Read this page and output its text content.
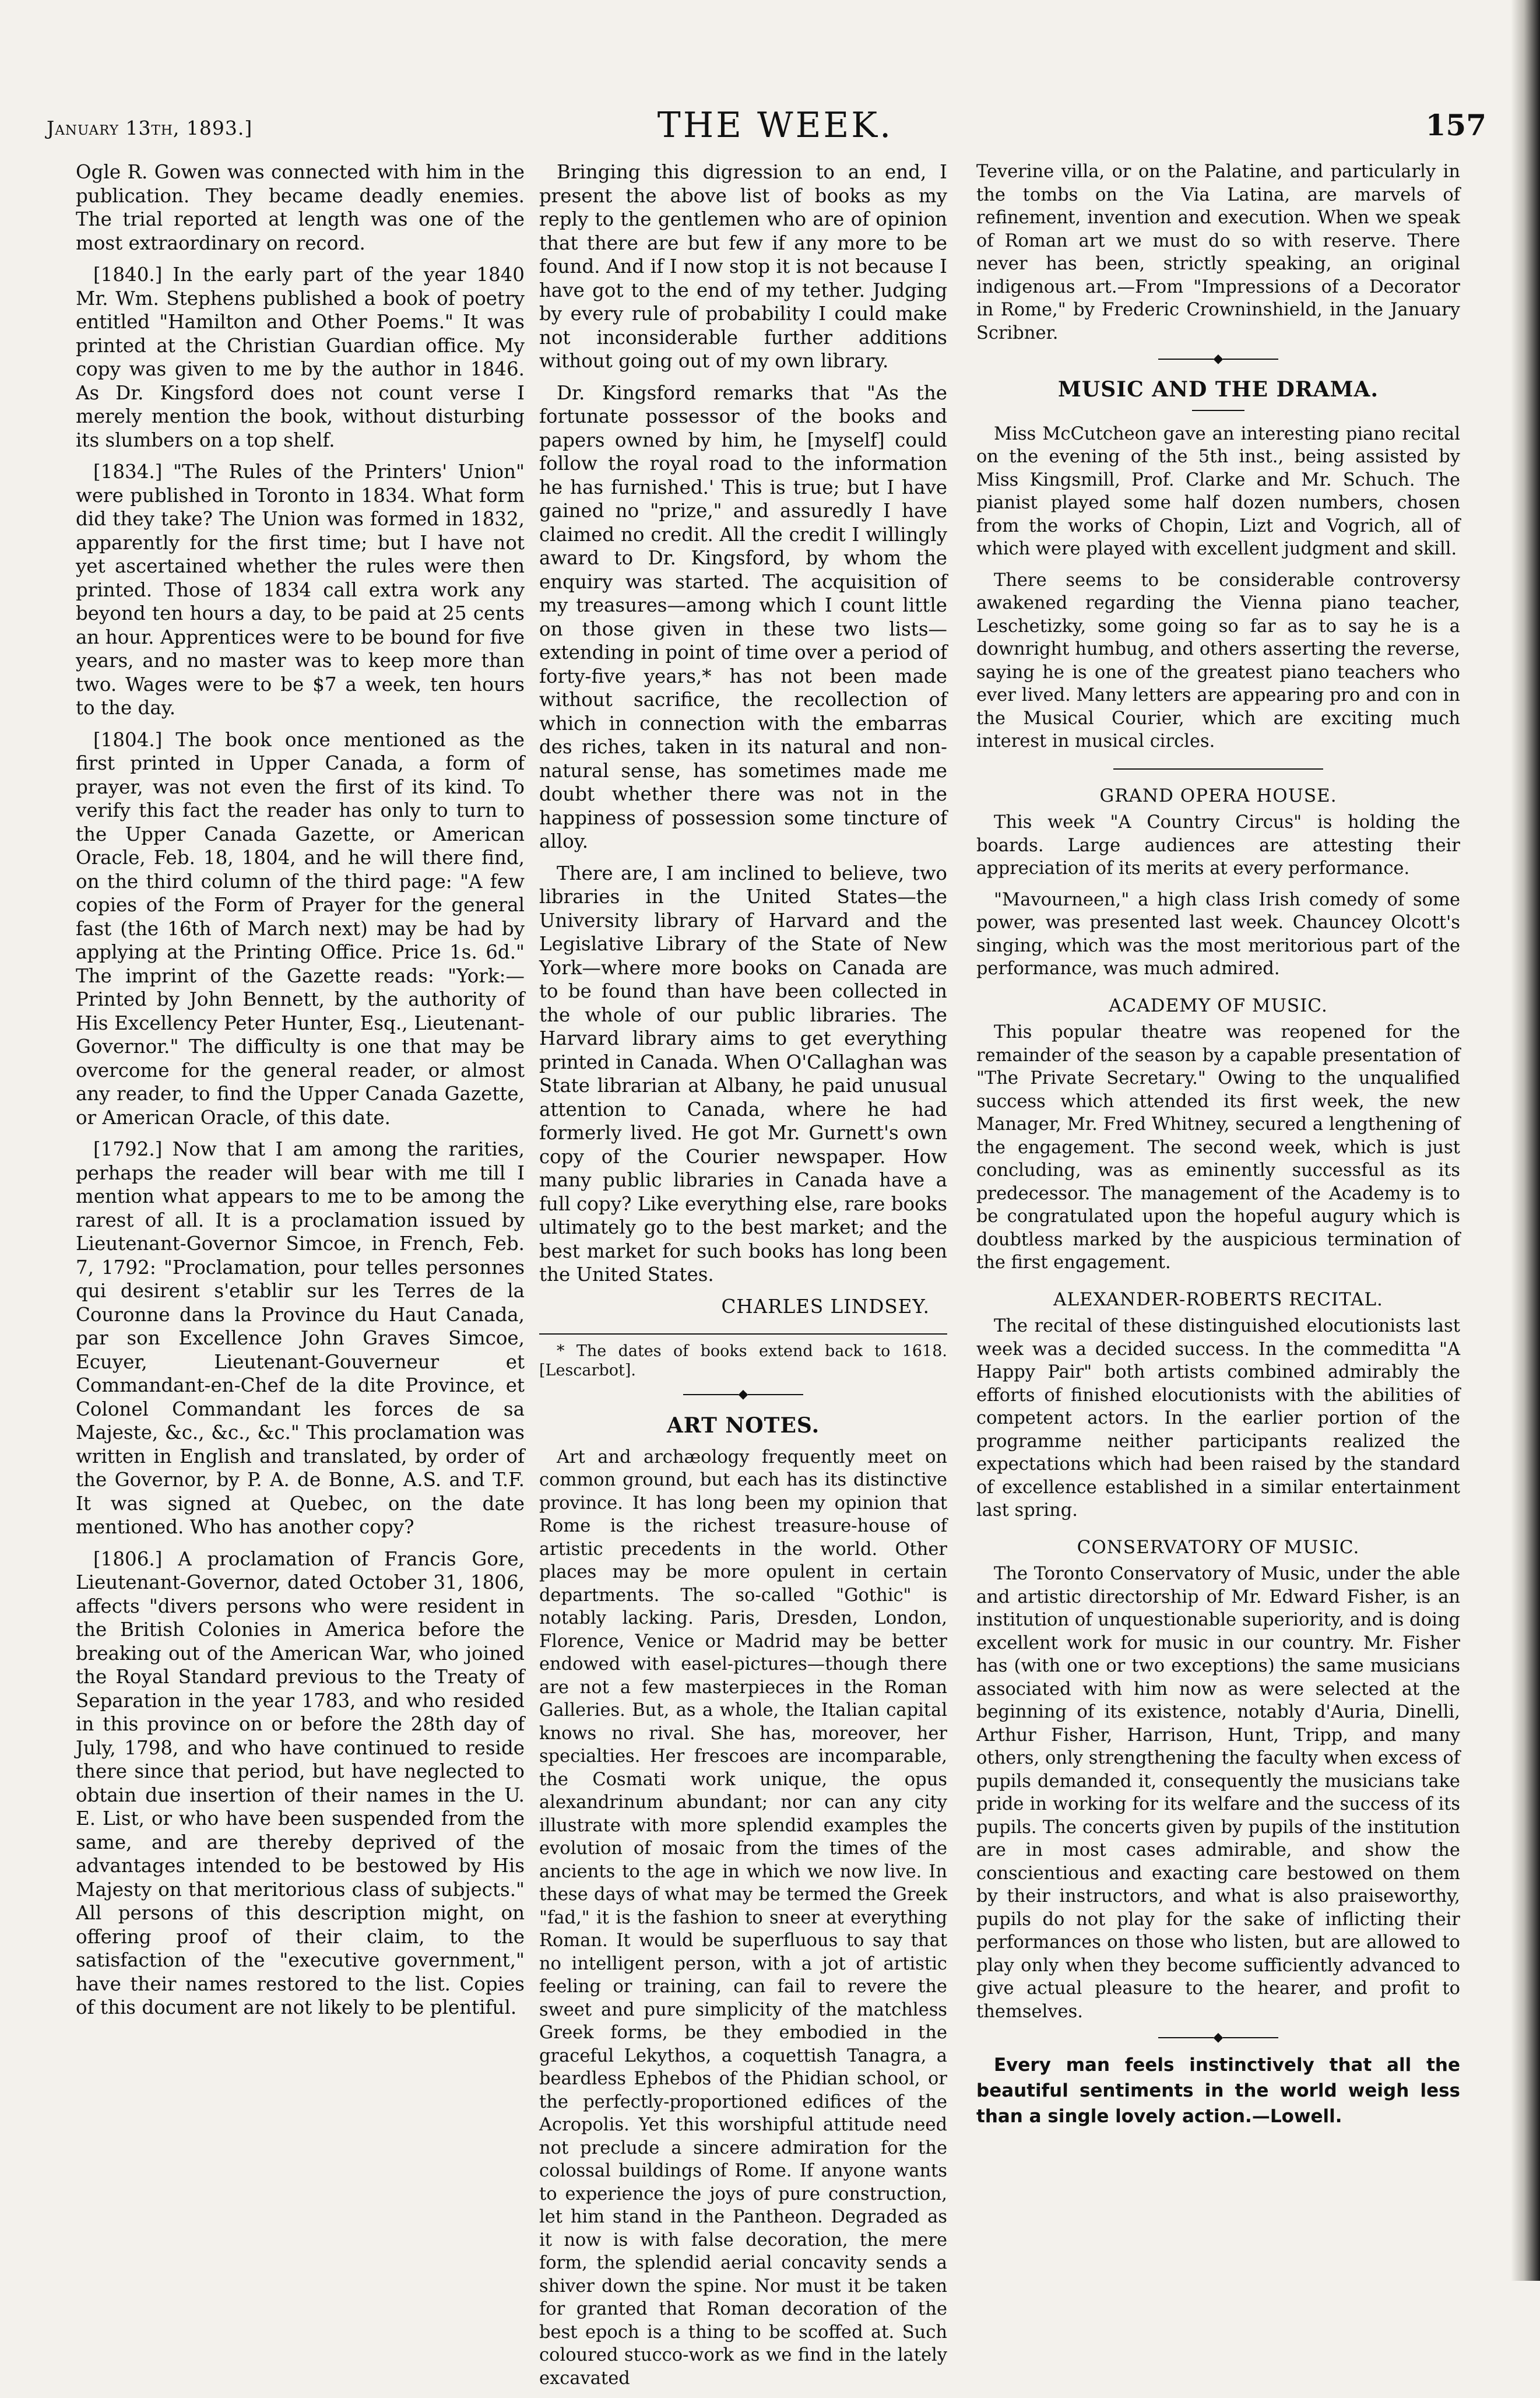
THE WEEK.
January 13th, 1893.]	157

Ogle R. Gowen was connected with him in the publication. They became deadly enemies. The trial reported at length was one of the most extraordinary on record.

[1840.] In the early part of the year 1840 Mr. Wm. Stephens published a book of poetry entitled "Hamilton and Other Poems." It was printed at the Christian Guardian office. My copy was given to me by the author in 1846. As Dr. Kingsford does not count verse I merely mention the book, without disturbing its slumbers on a top shelf.

[1834.] "The Rules of the Printers' Union" were published in Toronto in 1834. What form did they take? The Union was formed in 1832, apparently for the first time; but I have not yet ascertained whether the rules were then printed. Those of 1834 call extra work any beyond ten hours a day, to be paid at 25 cents an hour. Apprentices were to be bound for five years, and no master was to keep more than two. Wages were to be $7 a week, ten hours to the day.

[1804.] The book once mentioned as the first printed in Upper Canada, a form of prayer, was not even the first of its kind. To verify this fact the reader has only to turn to the Upper Canada Gazette, or American Oracle, Feb. 18, 1804, and he will there find, on the third column of the third page: "A few copies of the Form of Prayer for the general fast (the 16th of March next) may be had by applying at the Printing Office. Price 1s. 6d." The imprint of the Gazette reads: "York:—Printed by John Bennett, by the authority of His Excellency Peter Hunter, Esq., Lieutenant-Governor." The difficulty is one that may be overcome for the general reader, or almost any reader, to find the Upper Canada Gazette, or American Oracle, of this date.

[1792.] Now that I am among the rarities, perhaps the reader will bear with me till I mention what appears to me to be among the rarest of all. It is a proclamation issued by Lieutenant-Governor Simcoe, in French, Feb. 7, 1792: "Proclamation, pour telles personnes qui desirent s'etablir sur les Terres de la Couronne dans la Province du Haut Canada, par son Excellence John Graves Simcoe, Ecuyer, Lieutenant-Gouverneur et Commandant-en-Chef de la dite Province, et Colonel Commandant les forces de sa Majeste, &c., &c., &c." This proclamation was written in English and translated, by order of the Governor, by P. A. de Bonne, A.S. and T.F. It was signed at Quebec, on the date mentioned. Who has another copy?

[1806.] A proclamation of Francis Gore, Lieutenant-Governor, dated October 31, 1806, affects "divers persons who were resident in the British Colonies in America before the breaking out of the American War, who joined the Royal Standard previous to the Treaty of Separation in the year 1783, and who resided in this province on or before the 28th day of July, 1798, and who have continued to reside there since that period, but have neglected to obtain due insertion of their names in the U. E. List, or who have been suspended from the same, and are thereby deprived of the advantages intended to be bestowed by His Majesty on that meritorious class of subjects." All persons of this description might, on offering proof of their claim, to the satisfaction of the "executive government," have their names restored to the list. Copies of this document are not likely to be plentiful.

Bringing this digression to an end, I present the above list of books as my reply to the gentlemen who are of opinion that there are but few if any more to be found. And if I now stop it is not because I have got to the end of my tether. Judging by every rule of probability I could make not inconsiderable further additions without going out of my own library.

Dr. Kingsford remarks that "As the fortunate possessor of the books and papers owned by him, he [myself] could follow the royal road to the information he has furnished.' This is true; but I have gained no "prize," and assuredly I have claimed no credit. All the credit I willingly award to Dr. Kingsford, by whom the enquiry was started. The acquisition of my treasures—among which I count little on those given in these two lists—extending in point of time over a period of forty-five years,* has not been made without sacrifice, the recollection of which in connection with the embarras des riches, taken in its natural and non-natural sense, has sometimes made me doubt whether there was not in the happiness of possession some tincture of alloy.

There are, I am inclined to believe, two libraries in the United States—the University library of Harvard and the Legislative Library of the State of New York—where more books on Canada are to be found than have been collected in the whole of our public libraries. The Harvard library aims to get everything printed in Canada. When O'Callaghan was State librarian at Albany, he paid unusual attention to Canada, where he had formerly lived. He got Mr. Gurnett's own copy of the Courier newspaper. How many public libraries in Canada have a full copy? Like everything else, rare books ultimately go to the best market; and the best market for such books has long been the United States.

CHARLES LINDSEY.

* The dates of books extend back to 1618. [Lescarbot].

◆
ART NOTES.

Art and archæology frequently meet on common ground, but each has its distinctive province. It has long been my opinion that Rome is the richest treasure-house of artistic precedents in the world. Other places may be more opulent in certain departments. The so-called "Gothic" is notably lacking. Paris, Dresden, London, Florence, Venice or Madrid may be better endowed with easel-pictures—though there are not a few masterpieces in the Roman Galleries. But, as a whole, the Italian capital knows no rival. She has, moreover, her specialties. Her frescoes are incomparable, the Cosmati work unique, the opus alexandrinum abundant; nor can any city illustrate with more splendid examples the evolution of mosaic from the times of the ancients to the age in which we now live. In these days of what may be termed the Greek "fad," it is the fashion to sneer at everything Roman. It would be superfluous to say that no intelligent person, with a jot of artistic feeling or training, can fail to revere the sweet and pure simplicity of the matchless Greek forms, be they embodied in the graceful Lekythos, a coquettish Tanagra, a beardless Ephebos of the Phidian school, or the perfectly-proportioned edifices of the Acropolis. Yet this worshipful attitude need not preclude a sincere admiration for the colossal buildings of Rome. If anyone wants to experience the joys of pure construction, let him stand in the Pantheon. Degraded as it now is with false decoration, the mere form, the splendid aerial concavity sends a shiver down the spine. Nor must it be taken for granted that Roman decoration of the best epoch is a thing to be scoffed at. Such coloured stucco-work as we find in the lately excavated

Teverine villa, or on the Palatine, and particularly in the tombs on the Via Latina, are marvels of refinement, invention and execution. When we speak of Roman art we must do so with reserve. There never has been, strictly speaking, an original indigenous art.—From "Impressions of a Decorator in Rome," by Frederic Crowninshield, in the January Scribner.

◆
MUSIC AND THE DRAMA.

Miss McCutcheon gave an interesting piano recital on the evening of the 5th inst., being assisted by Miss Kingsmill, Prof. Clarke and Mr. Schuch. The pianist played some half dozen numbers, chosen from the works of Chopin, Lizt and Vogrich, all of which were played with excellent judgment and skill.

There seems to be considerable controversy awakened regarding the Vienna piano teacher, Leschetizky, some going so far as to say he is a downright humbug, and others asserting the reverse, saying he is one of the greatest piano teachers who ever lived. Many letters are appearing pro and con in the Musical Courier, which are exciting much interest in musical circles.

GRAND OPERA HOUSE.

This week "A Country Circus" is holding the boards. Large audiences are attesting their appreciation of its merits at every performance.

"Mavourneen," a high class Irish comedy of some power, was presented last week. Chauncey Olcott's singing, which was the most meritorious part of the performance, was much admired.

ACADEMY OF MUSIC.

This popular theatre was reopened for the remainder of the season by a capable presentation of "The Private Secretary." Owing to the unqualified success which attended its first week, the new Manager, Mr. Fred Whitney, secured a lengthening of the engagement. The second week, which is just concluding, was as eminently successful as its predecessor. The management of the Academy is to be congratulated upon the hopeful augury which is doubtless marked by the auspicious termination of the first engagement.

ALEXANDER-ROBERTS RECITAL.

The recital of these distinguished elocutionists last week was a decided success. In the commeditta "A Happy Pair" both artists combined admirably the efforts of finished elocutionists with the abilities of competent actors. In the earlier portion of the programme neither participants realized the expectations which had been raised by the standard of excellence established in a similar entertainment last spring.

CONSERVATORY OF MUSIC.

The Toronto Conservatory of Music, under the able and artistic directorship of Mr. Edward Fisher, is an institution of unquestionable superiority, and is doing excellent work for music in our country. Mr. Fisher has (with one or two exceptions) the same musicians associated with him now as were selected at the beginning of its existence, notably d'Auria, Dinelli, Arthur Fisher, Harrison, Hunt, Tripp, and many others, only strengthening the faculty when excess of pupils demanded it, consequently the musicians take pride in working for its welfare and the success of its pupils. The concerts given by pupils of the institution are in most cases admirable, and show the conscientious and exacting care bestowed on them by their instructors, and what is also praiseworthy, pupils do not play for the sake of inflicting their performances on those who listen, but are allowed to play only when they become sufficiently advanced to give actual pleasure to the hearer, and profit to themselves.

◆

Every man feels instinctively that all the beautiful sentiments in the world weigh less than a single lovely action.—Lowell.
